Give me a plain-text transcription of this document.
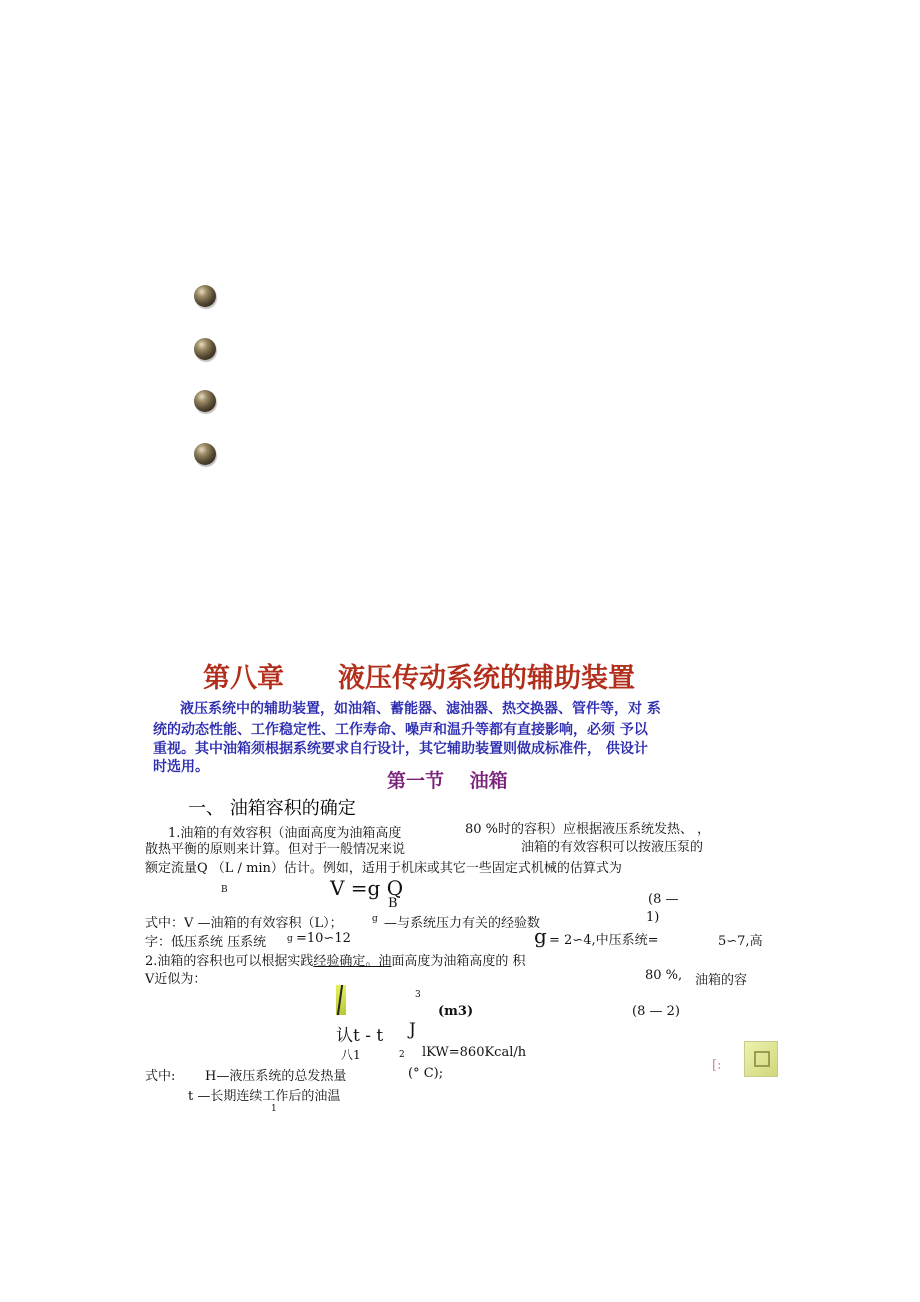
第八章　　液压传动系统的辅助装置
液压系统中的辅助装置，如油箱、蓄能器、滤油器、热交换器、管件等，对 系
统的动态性能、工作稳定性、工作寿命、噪声和温升等都有直接影响，必须 予以
重视。其中油箱须根据系统要求自行设计，其它辅助装置则做成标准件， 供设计
时选用。
第一节　 油箱
一、 油箱容积的确定
1.油箱的有效容积（油面高度为油箱高度	80 %时的容积）应根据液压系统发热、 ，
散热平衡的原则来计算。但对于一般情况来说	油箱的有效容积可以按液压泵的
额定流量Q （L / min）估计。例如，适用于机床或其它一些固定式机械的估算式为
B	V =g Q
B	(8 —
1)
式中：V —油箱的有效容积（L）；	g —与系统压力有关的经验数
字：低压系统 压系统 g =10∽12	g = 2∽4,中压系统=	5∽7,高
2.油箱的容积也可以根据实践经验确定。油面高度为油箱高度的 积
V近似为：	80 %, 油箱的容
3
(m3)	(8 — 2)
认t - t J
八1	2 lKW=860Kcal/h
[:
式中: H—液压系统的总发热量	(° C);
t —长期连续工作后的油温
1
